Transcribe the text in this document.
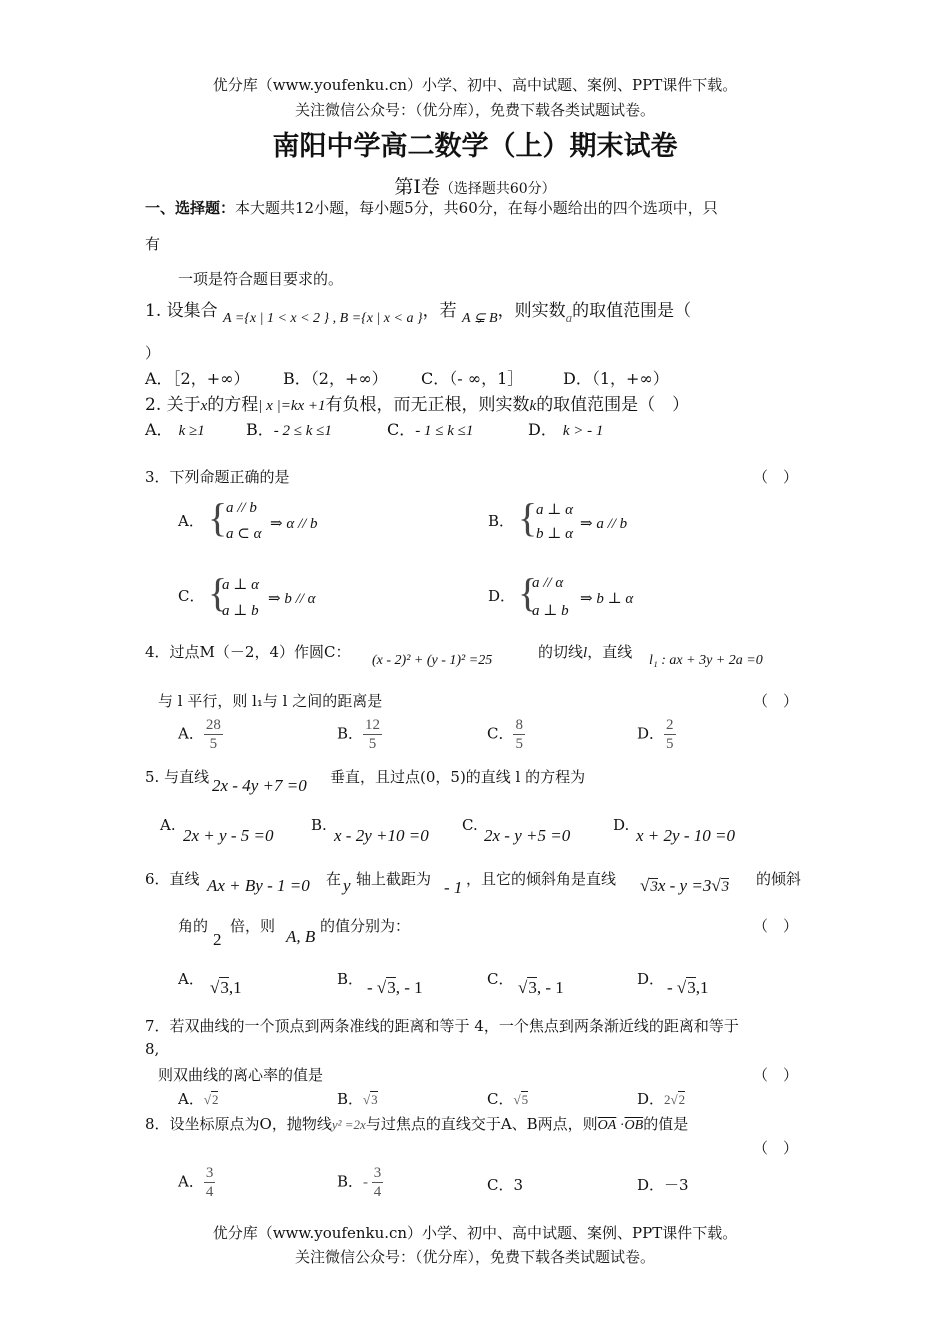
优分库（www.youfenku.cn）小学、初中、高中试题、案例、PPT课件下载。
关注微信公众号：（优分库），免费下载各类试题试卷。
南阳中学高二数学（上）期末试卷
第Ⅰ卷（选择题共60分）
一、选择题：本大题共12小题，每小题5分，共60分，在每小题给出的四个选项中，只
有
一项是符合题目要求的。
1. 设集合 $_{A =\{x | 1 < x < 2 \} , B =\{x | x < a \}}$，若 $_{A ⊊ B}$，则实数$_a$的取值范围是（
）
A．［2，+∞） B．（2，+∞） C．（- ∞，1］ D．（1，+∞）
2. 关于x的方程| x |=kx +1有负根，而无正根，则实数k的取值范围是（　）
A． k ≥1	B．- 2 ≤ k ≤1	C．- 1 ≤ k ≤1	D． k > - 1
3．下列命题正确的是	（　）
A． {
a // b
a ⊂ α
⇒ α // b	B． {
a ⊥ α
b ⊥ α
⇒ a // b
C． {
a ⊥ α
a ⊥ b
⇒ b // α	D． {
a // α
a ⊥ b
⇒ b ⊥ α
4．过点M（－2，4）作圆C： (x - 2)² + (y - 1)² =25	的切线l，直线 l₁ : ax + 3y + 2a =0
与 l 平行，则 l₁与 l 之间的距离是	（　）
A． $\frac{28}{5}$	B． $\frac{12}{5}$	C． $\frac{8}{5}$	D． $\frac{2}{5}$
5. 与直线 2x - 4y +7 =0 垂直，且过点(0，5)的直线 l 的方程为
A.
2x + y - 5 =0
B.
x - 2y +10 =0
C.
2x - y +5 =0
D.
x + 2y - 10 =0
6．直线 Ax + By - 1 =0 在 y 轴上截距为 - 1 ，且它的倾斜角是直线 √3x - y =3√3 的倾斜
角的
2
倍，则
A, B
的值分别为：	（　）
A． √3,1	B． - √3, - 1	C． √3, - 1	D． - √3,1
7．若双曲线的一个顶点到两条准线的距离和等于 4，一个焦点到两条渐近线的距离和等于
8,
则双曲线的离心率的值是	（　）
A．√2	B．√3	C．√5	D．2√2
8．设坐标原点为O，抛物线y² =2x与过焦点的直线交于A、B两点，则$\overline{OA} \cdot\overline{OB}$的值是
（　）
A． $\frac{3}{4}$	B．- $\frac{3}{4}$	C．3	D．－3
优分库（www.youfenku.cn）小学、初中、高中试题、案例、PPT课件下载。
关注微信公众号：（优分库），免费下载各类试题试卷。
